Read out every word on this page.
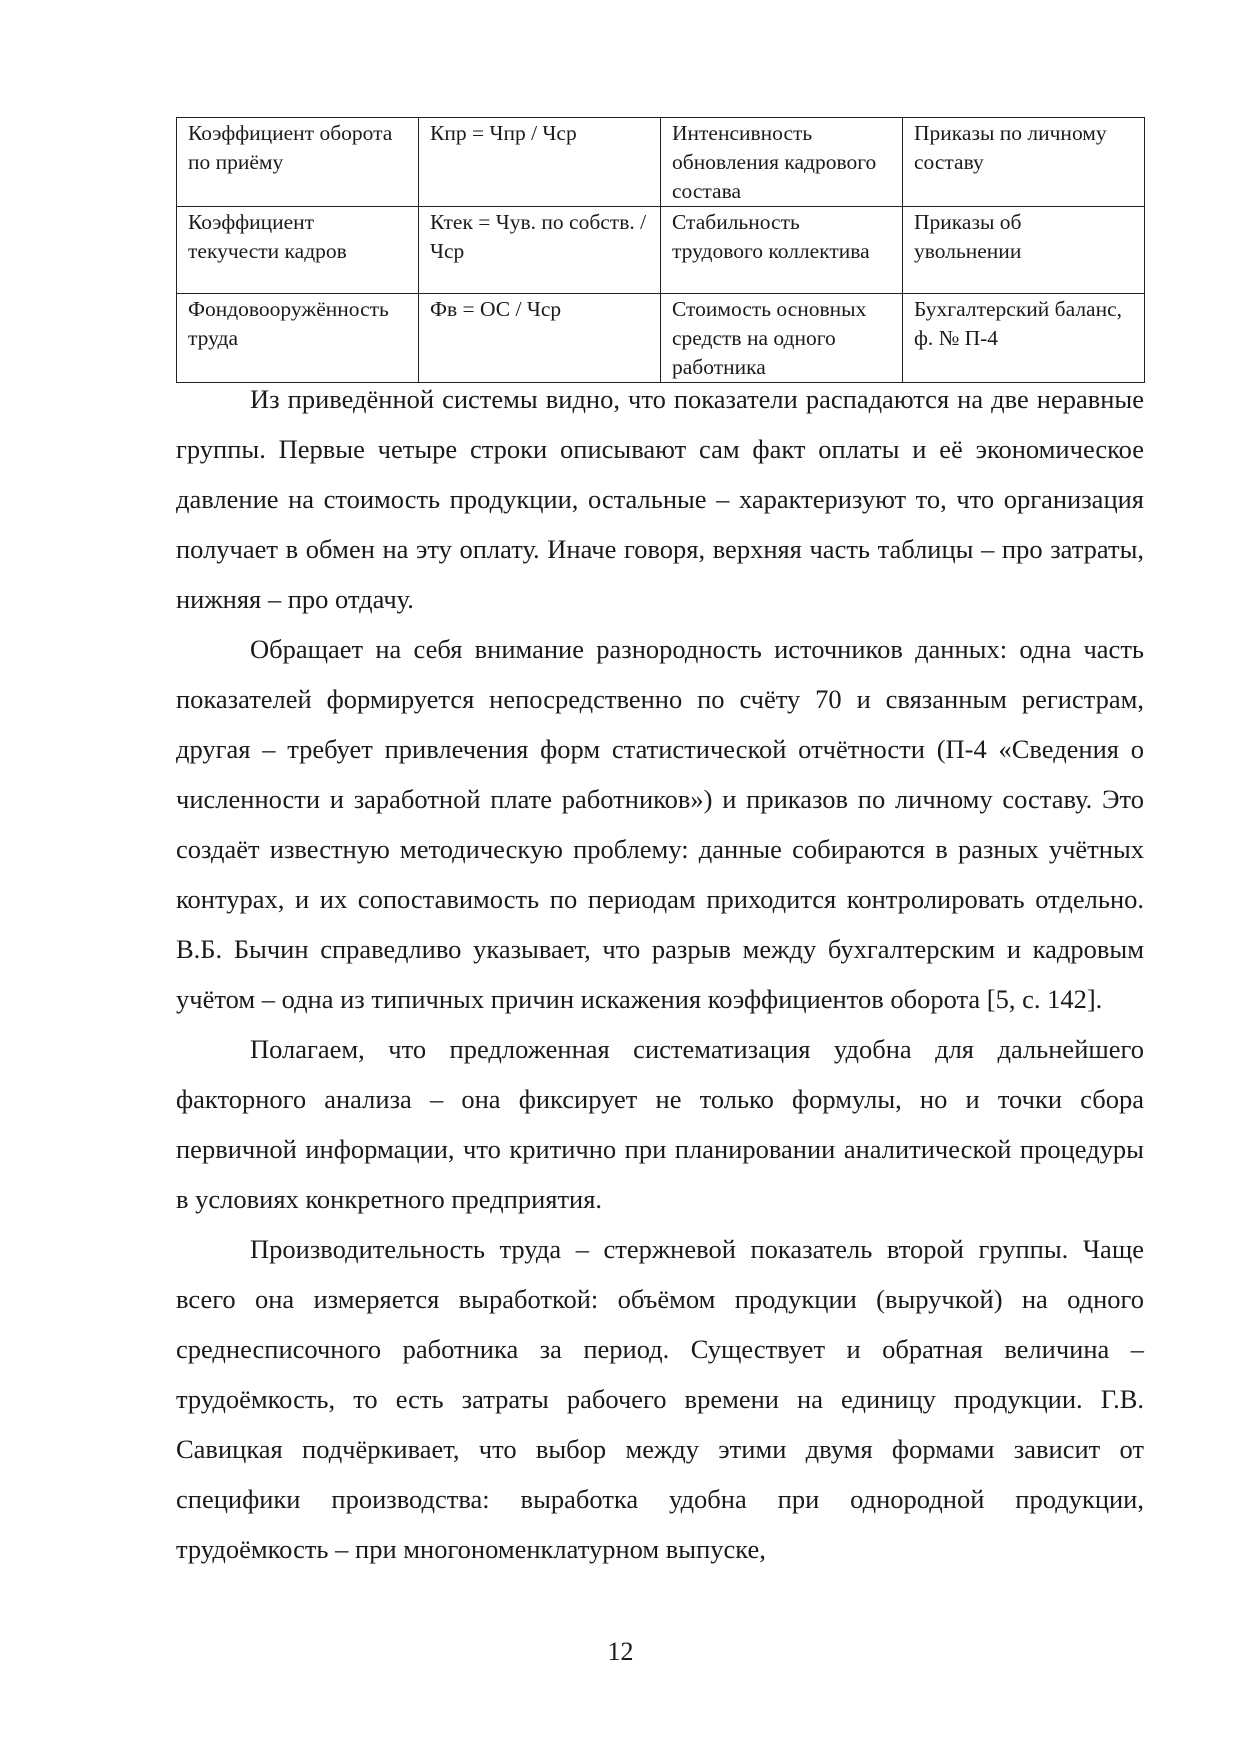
Коэффициент оборота по приёму	Кпр = Чпр / Чср	Интенсивность обновления кадрового состава	Приказы по личному составу
Коэффициент текучести кадров	Ктек = Чув. по собств. / Чср	Стабильность трудового коллектива	Приказы об увольнении
Фондовооружённость труда	Фв = ОС / Чср	Стоимость основных средств на одного работника	Бухгалтерский баланс, ф. № П-4

Из приведённой системы видно, что показатели распадаются на две неравные группы. Первые четыре строки описывают сам факт оплаты и её экономическое давление на стоимость продукции, остальные – характеризуют то, что организация получает в обмен на эту оплату. Иначе говоря, верхняя часть таблицы – про затраты, нижняя – про отдачу.

Обращает на себя внимание разнородность источников данных: одна часть показателей формируется непосредственно по счёту 70 и связанным регистрам, другая – требует привлечения форм статистической отчётности (П-4 «Сведения о численности и заработной плате работников») и приказов по личному составу. Это создаёт известную методическую проблему: данные собираются в разных учётных контурах, и их сопоставимость по периодам приходится контролировать отдельно. В.Б. Бычин справедливо указывает, что разрыв между бухгалтерским и кадровым учётом – одна из типичных причин искажения коэффициентов оборота [5, с. 142].

Полагаем, что предложенная систематизация удобна для дальнейшего факторного анализа – она фиксирует не только формулы, но и точки сбора первичной информации, что критично при планировании аналитической процедуры в условиях конкретного предприятия.

Производительность труда – стержневой показатель второй группы. Чаще всего она измеряется выработкой: объёмом продукции (выручкой) на одного среднесписочного работника за период. Существует и обратная величина – трудоёмкость, то есть затраты рабочего времени на единицу продукции. Г.В. Савицкая подчёркивает, что выбор между этими двумя формами зависит от специфики производства: выработка удобна при однородной продукции, трудоёмкость – при многономенклатурном выпуске,

12
